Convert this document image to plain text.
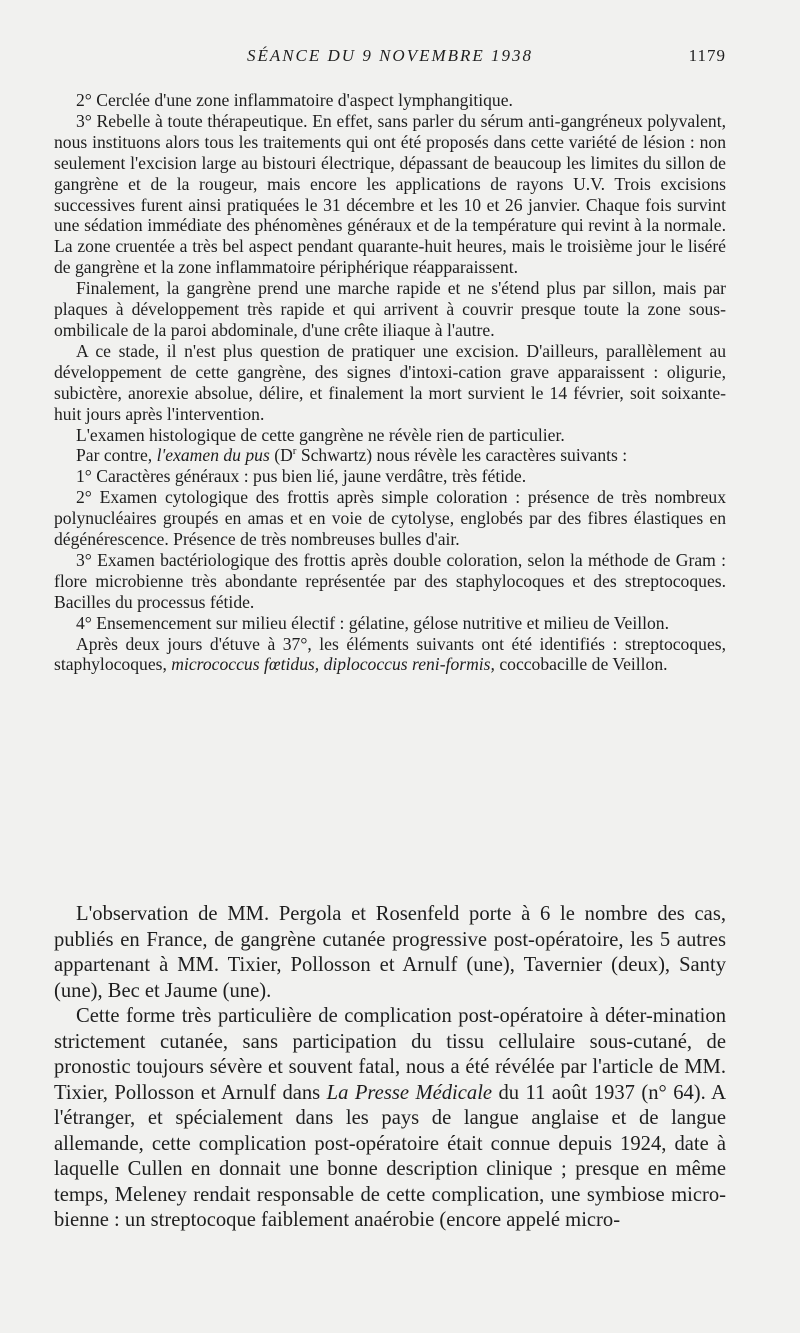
SÉANCE DU 9 NOVEMBRE 1938	1179

2° Cerclée d'une zone inflammatoire d'aspect lymphangitique.

3° Rebelle à toute thérapeutique. En effet, sans parler du sérum anti-gangréneux polyvalent, nous instituons alors tous les traitements qui ont été proposés dans cette variété de lésion : non seulement l'excision large au bistouri électrique, dépassant de beaucoup les limites du sillon de gangrène et de la rougeur, mais encore les applications de rayons U.V. Trois excisions successives furent ainsi pratiquées le 31 décembre et les 10 et 26 janvier. Chaque fois survint une sédation immédiate des phénomènes généraux et de la température qui revint à la normale. La zone cruentée a très bel aspect pendant quarante-huit heures, mais le troisième jour le liséré de gangrène et la zone inflammatoire périphérique réapparaissent.

Finalement, la gangrène prend une marche rapide et ne s'étend plus par sillon, mais par plaques à développement très rapide et qui arrivent à couvrir presque toute la zone sous-ombilicale de la paroi abdominale, d'une crête iliaque à l'autre.

A ce stade, il n'est plus question de pratiquer une excision. D'ailleurs, parallèlement au développement de cette gangrène, des signes d'intoxi-cation grave apparaissent : oligurie, subictère, anorexie absolue, délire, et finalement la mort survient le 14 février, soit soixante-huit jours après l'intervention.

L'examen histologique de cette gangrène ne révèle rien de particulier.

Par contre, l'examen du pus ($D^r$ Schwartz) nous révèle les caractères suivants :

1° Caractères généraux : pus bien lié, jaune verdâtre, très fétide.

2° Examen cytologique des frottis après simple coloration : présence de très nombreux polynucléaires groupés en amas et en voie de cytolyse, englobés par des fibres élastiques en dégénérescence. Présence de très nombreuses bulles d'air.

3° Examen bactériologique des frottis après double coloration, selon la méthode de Gram : flore microbienne très abondante représentée par des staphylocoques et des streptocoques. Bacilles du processus fétide.

4° Ensemencement sur milieu électif : gélatine, gélose nutritive et milieu de Veillon.

Après deux jours d'étuve à 37°, les éléments suivants ont été identifiés : streptocoques, staphylocoques, micrococcus fœtidus, diplococcus reni-formis, coccobacille de Veillon.

L'observation de MM. Pergola et Rosenfeld porte à 6 le nombre des cas, publiés en France, de gangrène cutanée progressive post-opératoire, les 5 autres appartenant à MM. Tixier, Pollosson et Arnulf (une), Tavernier (deux), Santy (une), Bec et Jaume (une).

Cette forme très particulière de complication post-opératoire à déter-mination strictement cutanée, sans participation du tissu cellulaire sous-cutané, de pronostic toujours sévère et souvent fatal, nous a été révélée par l'article de MM. Tixier, Pollosson et Arnulf dans La Presse Médicale du 11 août 1937 (n° 64). A l'étranger, et spécialement dans les pays de langue anglaise et de langue allemande, cette complication post-opératoire était connue depuis 1924, date à laquelle Cullen en donnait une bonne description clinique ; presque en même temps, Meleney rendait responsable de cette complication, une symbiose micro-bienne : un streptocoque faiblement anaérobie (encore appelé micro-
